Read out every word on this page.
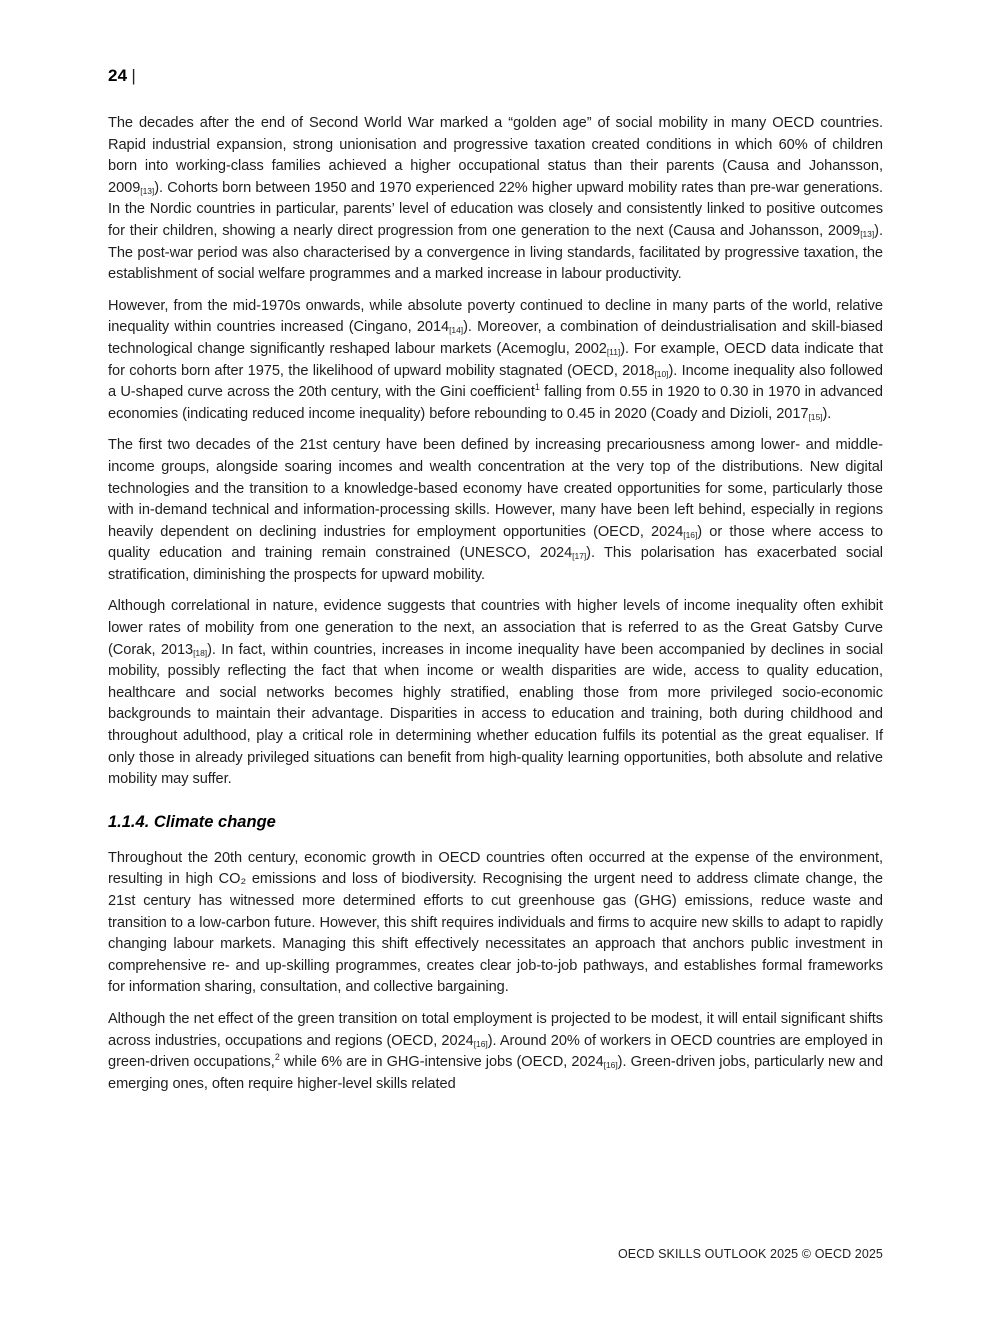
24 |

The decades after the end of Second World War marked a “golden age” of social mobility in many OECD countries. Rapid industrial expansion, strong unionisation and progressive taxation created conditions in which 60% of children born into working-class families achieved a higher occupational status than their parents (Causa and Johansson, 2009[13]). Cohorts born between 1950 and 1970 experienced 22% higher upward mobility rates than pre-war generations. In the Nordic countries in particular, parents’ level of education was closely and consistently linked to positive outcomes for their children, showing a nearly direct progression from one generation to the next (Causa and Johansson, 2009[13]). The post-war period was also characterised by a convergence in living standards, facilitated by progressive taxation, the establishment of social welfare programmes and a marked increase in labour productivity.

However, from the mid-1970s onwards, while absolute poverty continued to decline in many parts of the world, relative inequality within countries increased (Cingano, 2014[14]). Moreover, a combination of deindustrialisation and skill-biased technological change significantly reshaped labour markets (Acemoglu, 2002[11]). For example, OECD data indicate that for cohorts born after 1975, the likelihood of upward mobility stagnated (OECD, 2018[10]). Income inequality also followed a U-shaped curve across the 20th century, with the Gini coefficient$^1$ falling from 0.55 in 1920 to 0.30 in 1970 in advanced economies (indicating reduced income inequality) before rebounding to 0.45 in 2020 (Coady and Dizioli, 2017[15]).

The first two decades of the 21st century have been defined by increasing precariousness among lower- and middle-income groups, alongside soaring incomes and wealth concentration at the very top of the distributions. New digital technologies and the transition to a knowledge-based economy have created opportunities for some, particularly those with in-demand technical and information-processing skills. However, many have been left behind, especially in regions heavily dependent on declining industries for employment opportunities (OECD, 2024[16]) or those where access to quality education and training remain constrained (UNESCO, 2024[17]). This polarisation has exacerbated social stratification, diminishing the prospects for upward mobility.

Although correlational in nature, evidence suggests that countries with higher levels of income inequality often exhibit lower rates of mobility from one generation to the next, an association that is referred to as the Great Gatsby Curve (Corak, 2013[18]). In fact, within countries, increases in income inequality have been accompanied by declines in social mobility, possibly reflecting the fact that when income or wealth disparities are wide, access to quality education, healthcare and social networks becomes highly stratified, enabling those from more privileged socio-economic backgrounds to maintain their advantage. Disparities in access to education and training, both during childhood and throughout adulthood, play a critical role in determining whether education fulfils its potential as the great equaliser. If only those in already privileged situations can benefit from high-quality learning opportunities, both absolute and relative mobility may suffer.

1.1.4. Climate change

Throughout the 20th century, economic growth in OECD countries often occurred at the expense of the environment, resulting in high CO₂ emissions and loss of biodiversity. Recognising the urgent need to address climate change, the 21st century has witnessed more determined efforts to cut greenhouse gas (GHG) emissions, reduce waste and transition to a low-carbon future. However, this shift requires individuals and firms to acquire new skills to adapt to rapidly changing labour markets. Managing this shift effectively necessitates an approach that anchors public investment in comprehensive re- and up-skilling programmes, creates clear job-to-job pathways, and establishes formal frameworks for information sharing, consultation, and collective bargaining.

Although the net effect of the green transition on total employment is projected to be modest, it will entail significant shifts across industries, occupations and regions (OECD, 2024[16]). Around 20% of workers in OECD countries are employed in green-driven occupations,$^2$ while 6% are in GHG-intensive jobs (OECD, 2024[16]). Green-driven jobs, particularly new and emerging ones, often require higher-level skills related

OECD SKILLS OUTLOOK 2025 © OECD 2025
